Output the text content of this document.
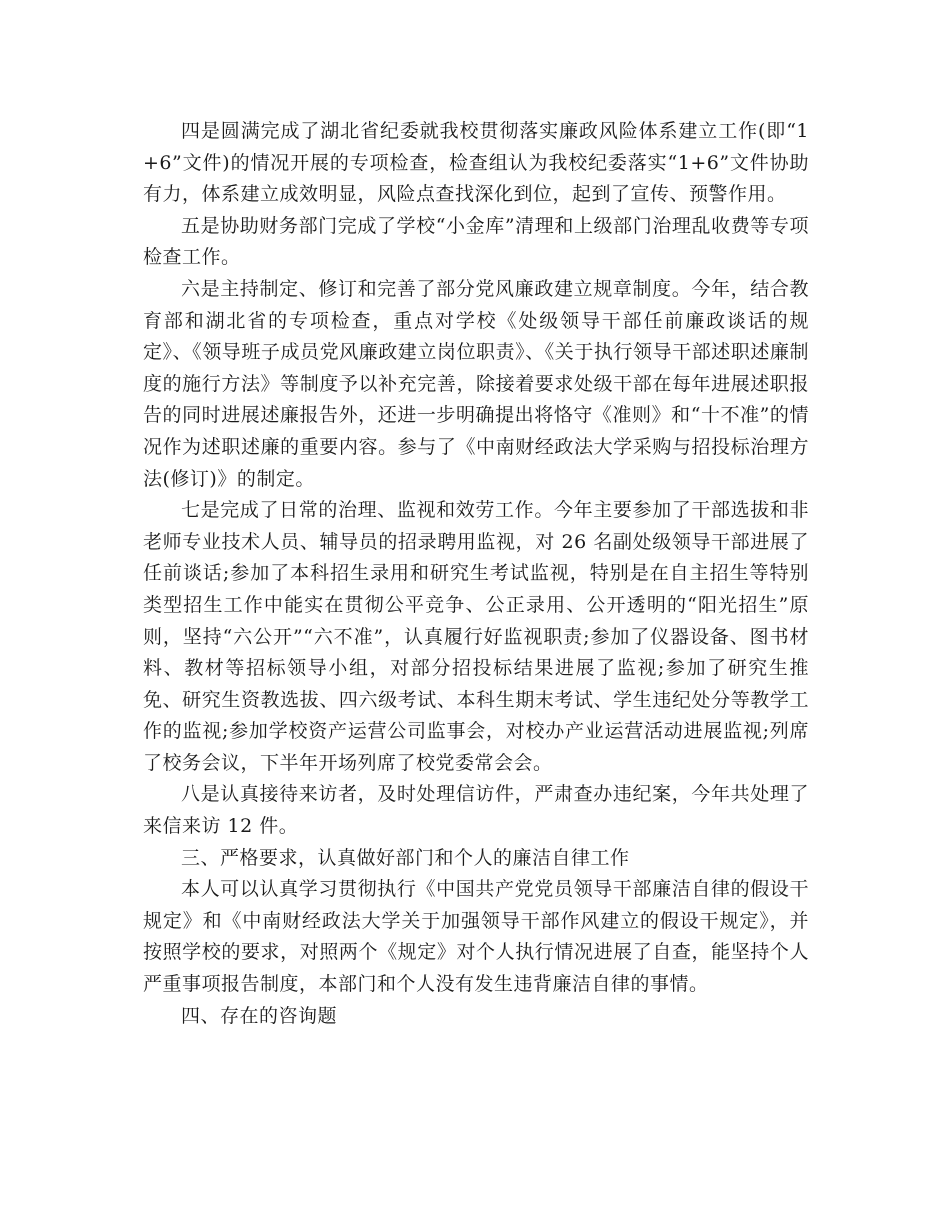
四是圆满完成了湖北省纪委就我校贯彻落实廉政风险体系建立工作(即“1+6”文件)的情况开展的专项检查，检查组认为我校纪委落实“1+6”文件协助有力，体系建立成效明显，风险点查找深化到位，起到了宣传、预警作用。

五是协助财务部门完成了学校“小金库”清理和上级部门治理乱收费等专项检查工作。

六是主持制定、修订和完善了部分党风廉政建立规章制度。今年，结合教育部和湖北省的专项检查，重点对学校《处级领导干部任前廉政谈话的规定》、《领导班子成员党风廉政建立岗位职责》、《关于执行领导干部述职述廉制度的施行方法》等制度予以补充完善，除接着要求处级干部在每年进展述职报告的同时进展述廉报告外，还进一步明确提出将恪守《准则》和“十不准”的情况作为述职述廉的重要内容。参与了《中南财经政法大学采购与招投标治理方法(修订)》的制定。

七是完成了日常的治理、监视和效劳工作。今年主要参加了干部选拔和非老师专业技术人员、辅导员的招录聘用监视，对 26 名副处级领导干部进展了任前谈话;参加了本科招生录用和研究生考试监视，特别是在自主招生等特别类型招生工作中能实在贯彻公平竞争、公正录用、公开透明的“阳光招生”原则，坚持“六公开”“六不准”，认真履行好监视职责;参加了仪器设备、图书材料、教材等招标领导小组，对部分招投标结果进展了监视;参加了研究生推免、研究生资教选拔、四六级考试、本科生期末考试、学生违纪处分等教学工作的监视;参加学校资产运营公司监事会，对校办产业运营活动进展监视;列席了校务会议，下半年开场列席了校党委常会会。

八是认真接待来访者，及时处理信访件，严肃查办违纪案，今年共处理了来信来访 12 件。

三、严格要求，认真做好部门和个人的廉洁自律工作

本人可以认真学习贯彻执行《中国共产党党员领导干部廉洁自律的假设干规定》和《中南财经政法大学关于加强领导干部作风建立的假设干规定》，并按照学校的要求，对照两个《规定》对个人执行情况进展了自查，能坚持个人严重事项报告制度，本部门和个人没有发生违背廉洁自律的事情。

四、存在的咨询题
